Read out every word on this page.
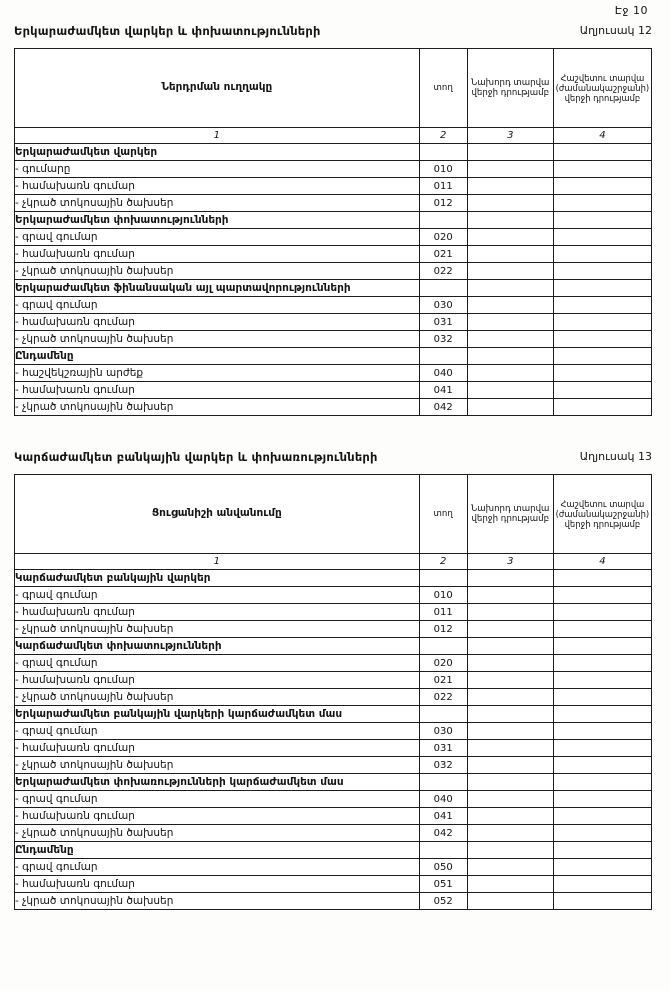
Էջ 10
Երկարաժամկետ վարկեր և փոխատությունների	Աղյուսակ 12
Ներդրման ուղղակը	տող	Նախորդ տարվա վերջի դրությամբ	Հաշվետու տարվա (ժամանակաշրջանի) վերջի դրությամբ
1	2	3	4
Երկարաժամկետ վարկեր			
- գումարը	010		
- համախառն գումար	011		
- չկրած տոկոսային ծախսեր	012		
Երկարաժամկետ փոխատությունների			
- գրավ գումար	020		
- համախառն գումար	021		
- չկրած տոկոսային ծախսեր	022		
Երկարաժամկետ ֆինանսական այլ պարտավորությունների			
- գրավ գումար	030		
- համախառն գումար	031		
- չկրած տոկոսային ծախսեր	032		
Ընդամենը			
- հաշվեկշռային արժեք	040		
- համախառն գումար	041		
- չկրած տոկոսային ծախսեր	042		
Կարճաժամկետ բանկային վարկեր և փոխառությունների	Աղյուսակ 13
Ցուցանիշի անվանումը	տող	Նախորդ տարվա վերջի դրությամբ	Հաշվետու տարվա (ժամանակաշրջանի) վերջի դրությամբ
1	2	3	4
Կարճաժամկետ բանկային վարկեր			
- գրավ գումար	010		
- համախառն գումար	011		
- չկրած տոկոսային ծախսեր	012		
Կարճաժամկետ փոխատությունների			
- գրավ գումար	020		
- համախառն գումար	021		
- չկրած տոկոսային ծախսեր	022		
Երկարաժամկետ բանկային վարկերի կարճաժամկետ մաս			
- գրավ գումար	030		
- համախառն գումար	031		
- չկրած տոկոսային ծախսեր	032		
Երկարաժամկետ փոխառությունների կարճաժամկետ մաս			
- գրավ գումար	040		
- համախառն գումար	041		
- չկրած տոկոսային ծախսեր	042		
Ընդամենը			
- գրավ գումար	050		
- համախառն գումար	051		
- չկրած տոկոսային ծախսեր	052		
